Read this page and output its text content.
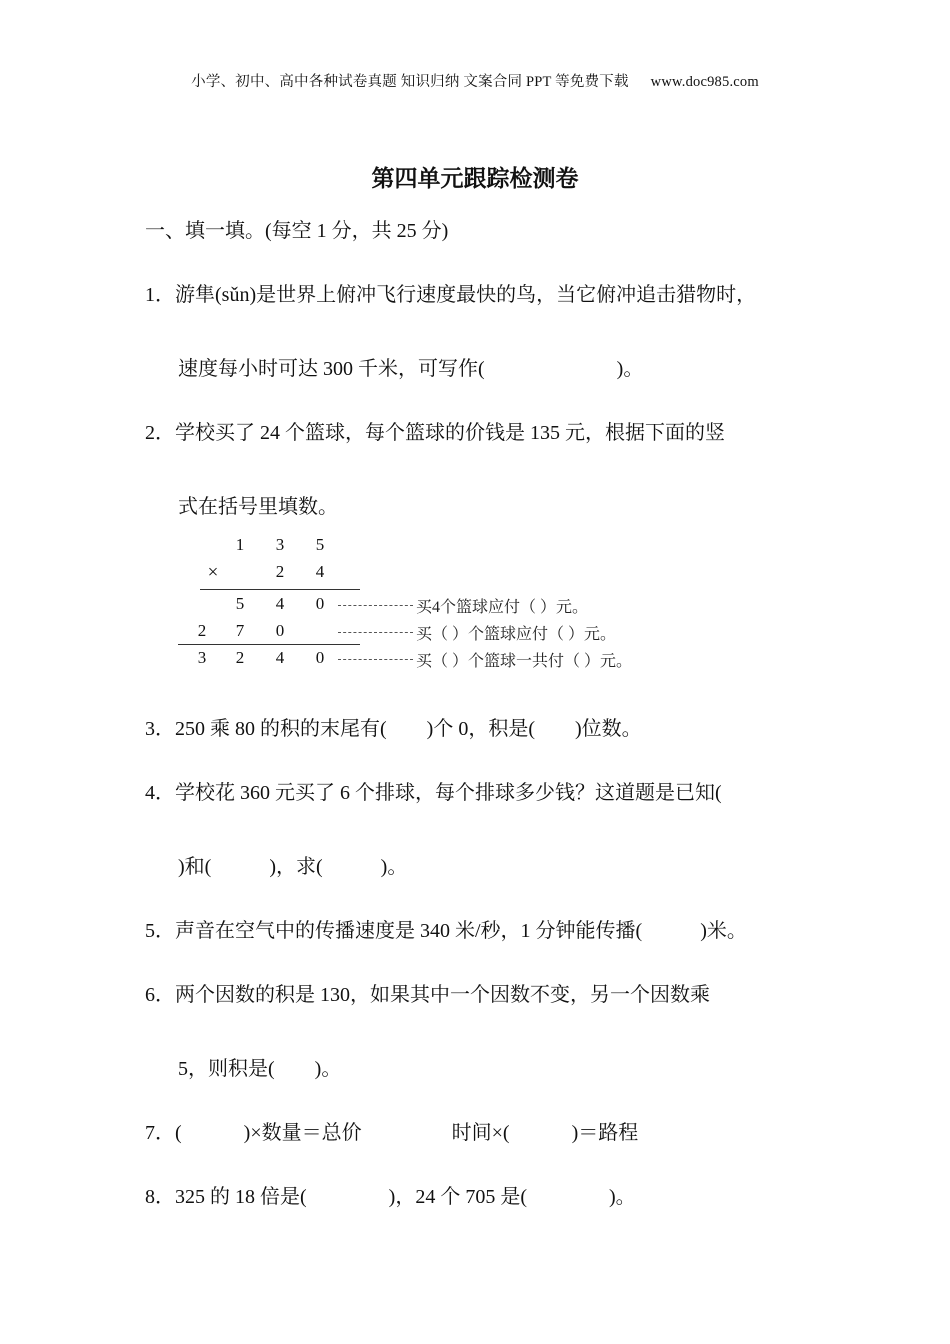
小学、初中、高中各种试卷真题 知识归纳 文案合同 PPT 等免费下载 www.doc985.com
第四单元跟踪检测卷
一、填一填。(每空 1 分，共 25 分)
1．游隼(sǔn)是世界上俯冲飞行速度最快的鸟，当它俯冲追击猎物时，
速度每小时可达 300 千米，可写作(	)。
2．学校买了 24 个篮球，每个篮球的价钱是 135 元，根据下面的竖
式在括号里填数。
1 3 5
×	2 4
5 4 0	买4个篮球应付（ ）元。
2 7 0	买（ ）个篮球应付（ ）元。
3 2 4 0	买（ ）个篮球一共付（ ）元。
3．250 乘 80 的积的末尾有( )个 0，积是( )位数。
4．学校花 360 元买了 6 个排球，每个排球多少钱？这道题是已知(
)和(	)，求(	)。
5．声音在空气中的传播速度是 340 米/秒，1 分钟能传播(	)米。
6．两个因数的积是 130，如果其中一个因数不变，另一个因数乘
5，则积是( )。
7．(	)×数量＝总价	时间×(	)＝路程
8．325 的 18 倍是(	)，24 个 705 是(	)。
